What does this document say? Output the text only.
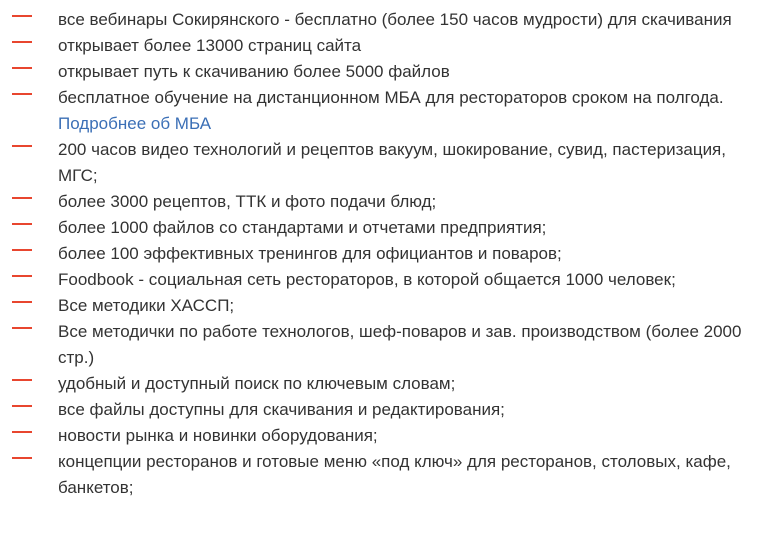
все вебинары Сокирянского - бесплатно (более 150 часов мудрости) для скачивания
открывает более 13000 страниц сайта
открывает путь к скачиванию более 5000 файлов
бесплатное обучение на дистанционном МБА для рестораторов сроком на полгода. Подробнее об МБА
200 часов видео технологий и рецептов вакуум, шокирование, сувид, пастеризация, МГС;
более 3000 рецептов, ТТК и фото подачи блюд;
более 1000 файлов со стандартами и отчетами предприятия;
более 100 эффективных тренингов для официантов и поваров;
Foodbook - социальная сеть рестораторов, в которой общается 1000 человек;
Все методики ХАССП;
Все методички по работе технологов, шеф-поваров и зав. производством (более 2000 стр.)
удобный и доступный поиск по ключевым словам;
все файлы доступны для скачивания и редактирования;
новости рынка и новинки оборудования;
концепции ресторанов и готовые меню «под ключ» для ресторанов, столовых, кафе, банкетов;
